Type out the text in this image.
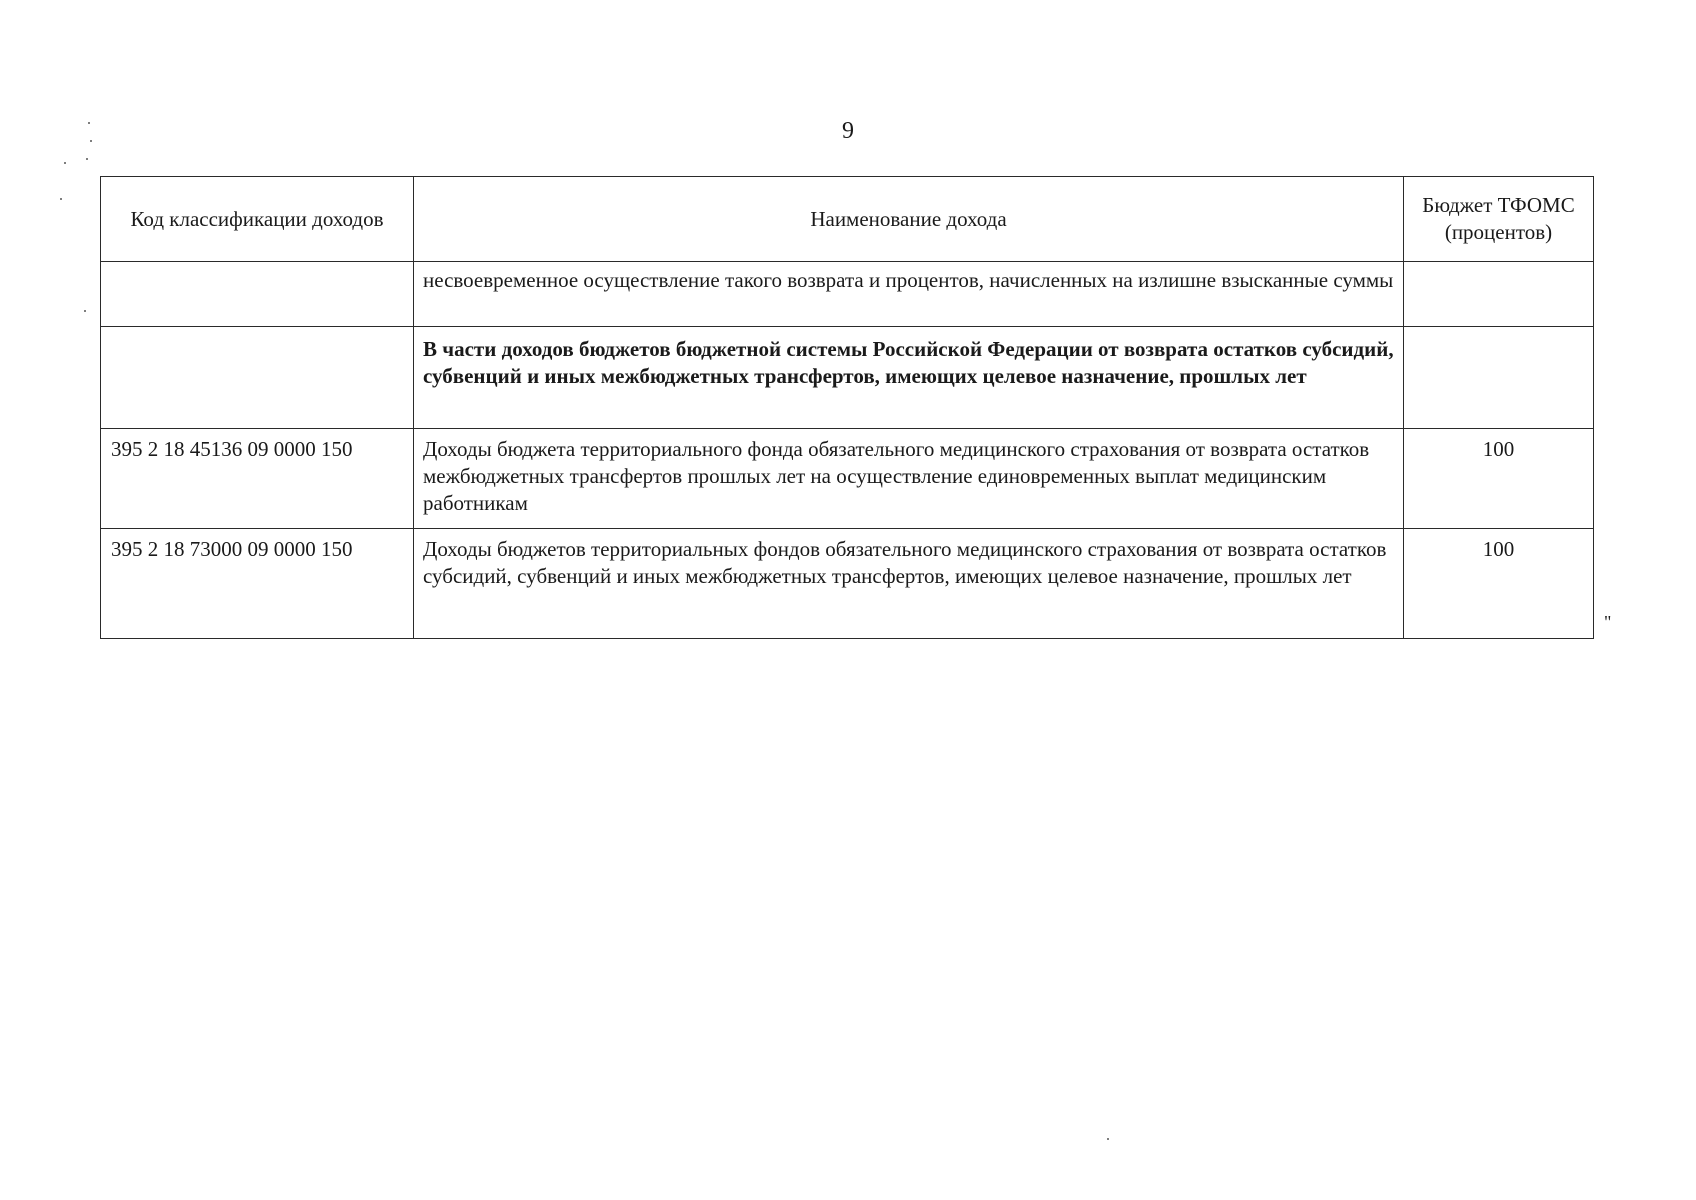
9
Код классификации доходов	Наименование дохода	Бюджет ТФОМС (процентов)
	несвоевременное осуществление такого возврата и процентов, начисленных на излишне взысканные суммы	
	В части доходов бюджетов бюджетной системы Российской Федерации от возврата остатков субсидий, субвенций и иных межбюджетных трансфертов, имеющих целевое назначение, прошлых лет	
395 2 18 45136 09 0000 150	Доходы бюджета территориального фонда обязательного медицинского страхования от возврата остатков межбюджетных трансфертов прошлых лет на осуществление единовременных выплат медицинским работникам	100
395 2 18 73000 09 0000 150	Доходы бюджетов территориальных фондов обязательного медицинского страхования от возврата остатков субсидий, субвенций и иных межбюджетных трансфертов, имеющих целевое назначение, прошлых лет	100
"
